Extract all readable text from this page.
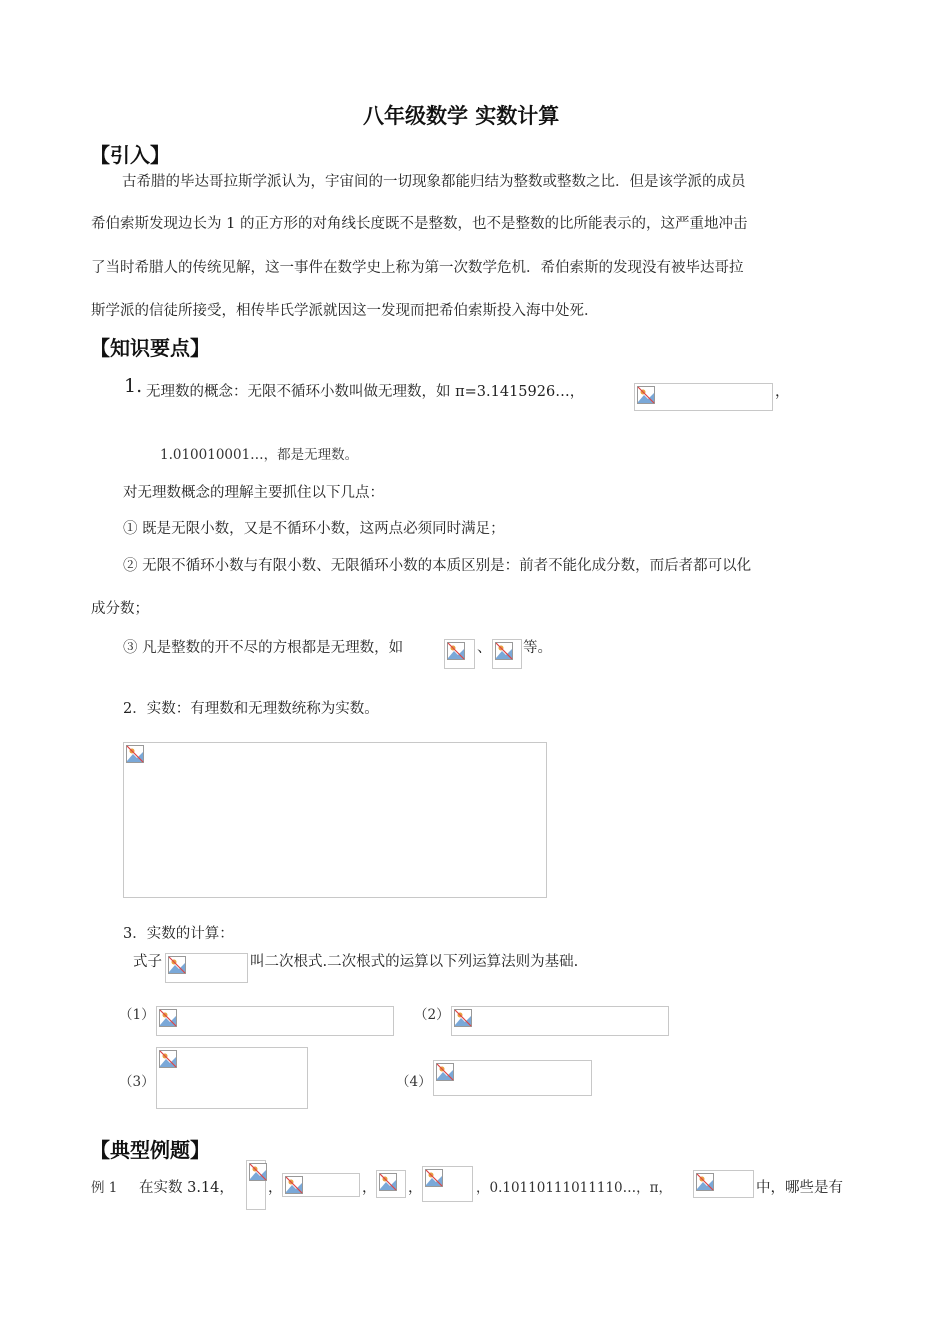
八年级数学 实数计算
【引入】
古希腊的毕达哥拉斯学派认为，宇宙间的一切现象都能归结为整数或整数之比．但是该学派的成员
希伯索斯发现边长为 1 的正方形的对角线长度既不是整数，也不是整数的比所能表示的，这严重地冲击
了当时希腊人的传统见解，这一事件在数学史上称为第一次数学危机．希伯索斯的发现没有被毕达哥拉
斯学派的信徒所接受，相传毕氏学派就因这一发现而把希伯索斯投入海中处死．
【知识要点】
1. 无理数的概念：无限不循环小数叫做无理数，如 π=3.1415926…，	，
1.010010001…，都是无理数。
对无理数概念的理解主要抓住以下几点：
① 既是无限小数，又是不循环小数，这两点必须同时满足；
② 无限不循环小数与有限小数、无限循环小数的本质区别是：前者不能化成分数，而后者都可以化
成分数；
③ 凡是整数的开不尽的方根都是无理数，如	、 等。
2．实数：有理数和无理数统称为实数。
3．实数的计算：
式子	叫二次根式.二次根式的运算以下列运算法则为基础.
（1）	（2）
（3）	（4）
【典型例题】
例 1 在实数 3.14， ，	， ，	，0.10110111011110…，π，	中，哪些是有
